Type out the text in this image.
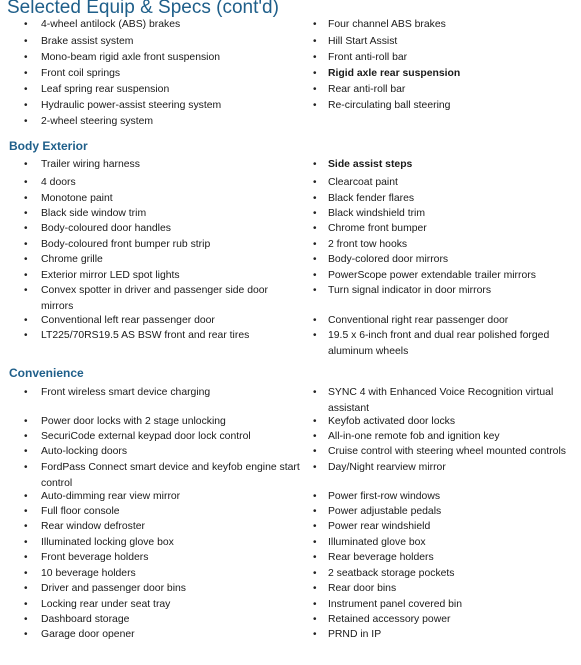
Selected Equip & Specs (cont'd)
Body Exterior
Convenience
• 4-wheel antilock (ABS) brakes
• Brake assist system
• Mono-beam rigid axle front suspension
• Front coil springs
• Leaf spring rear suspension
• Hydraulic power-assist steering system
• 2-wheel steering system
• Four channel ABS brakes
• Hill Start Assist
• Front anti-roll bar
• Rigid axle rear suspension
• Rear anti-roll bar
• Re-circulating ball steering
• Trailer wiring harness
• 4 doors
• Monotone paint
• Black side window trim
• Body-coloured door handles
• Body-coloured front bumper rub strip
• Chrome grille
• Exterior mirror LED spot lights
• Convex spotter in driver and passenger side door mirrors
• Conventional left rear passenger door
• LT225/70RS19.5 AS BSW front and rear tires
• Side assist steps
• Clearcoat paint
• Black fender flares
• Black windshield trim
• Chrome front bumper
• 2 front tow hooks
• Body-colored door mirrors
• PowerScope power extendable trailer mirrors
• Turn signal indicator in door mirrors
• Conventional right rear passenger door
• 19.5 x 6-inch front and dual rear polished forged aluminum wheels
• Front wireless smart device charging
• Power door locks with 2 stage unlocking
• SecuriCode external keypad door lock control
• Auto-locking doors
• FordPass Connect smart device and keyfob engine start control
• Auto-dimming rear view mirror
• Full floor console
• Rear window defroster
• Illuminated locking glove box
• Front beverage holders
• 10 beverage holders
• Driver and passenger door bins
• Locking rear under seat tray
• Dashboard storage
• Garage door opener
• SYNC 4 with Enhanced Voice Recognition virtual assistant
• Keyfob activated door locks
• All-in-one remote fob and ignition key
• Cruise control with steering wheel mounted controls
• Day/Night rearview mirror
• Power first-row windows
• Power adjustable pedals
• Power rear windshield
• Illuminated glove box
• Rear beverage holders
• 2 seatback storage pockets
• Rear door bins
• Instrument panel covered bin
• Retained accessory power
• PRND in IP
